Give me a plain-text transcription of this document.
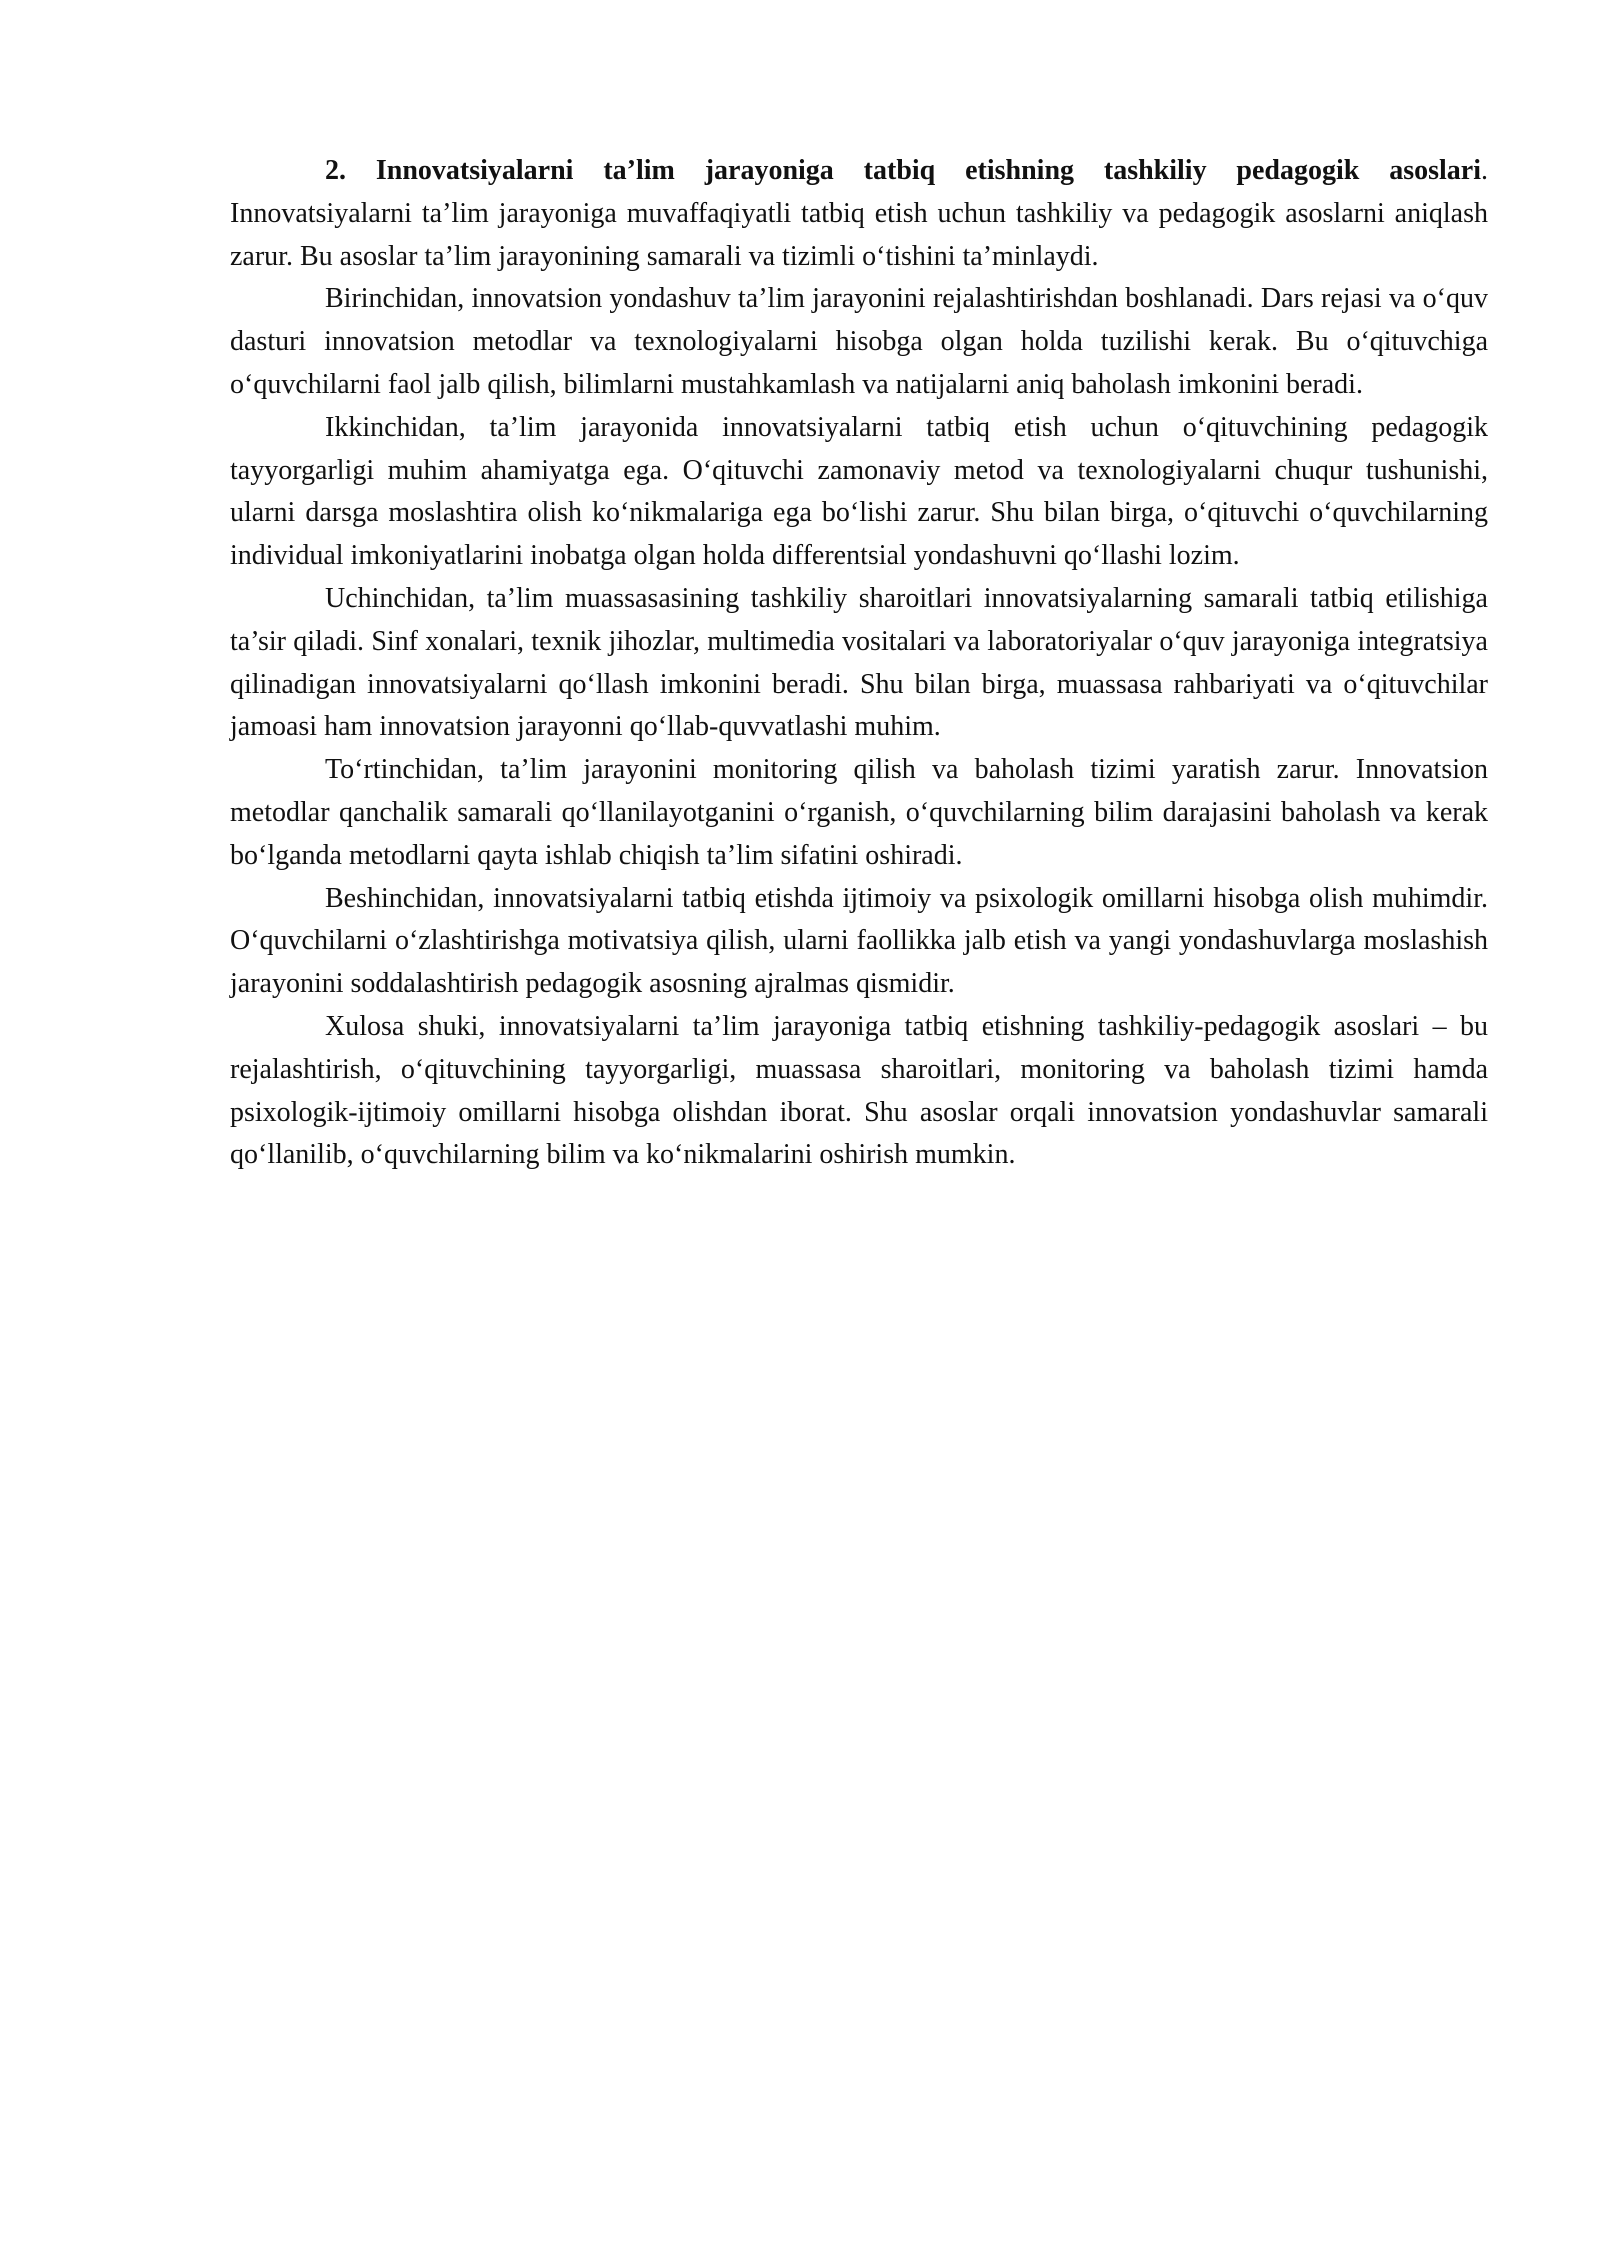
2. Innovatsiyalarni ta’lim jarayoniga tatbiq etishning tashkiliy pedagogik asoslari. Innovatsiyalarni ta’lim jarayoniga muvaffaqiyatli tatbiq etish uchun tashkiliy va pedagogik asoslarni aniqlash zarur. Bu asoslar ta’lim jarayonining samarali va tizimli o‘tishini ta’minlaydi.

Birinchidan, innovatsion yondashuv ta’lim jarayonini rejalashtirishdan boshlanadi. Dars rejasi va o‘quv dasturi innovatsion metodlar va texnologiyalarni hisobga olgan holda tuzilishi kerak. Bu o‘qituvchiga o‘quvchilarni faol jalb qilish, bilimlarni mustahkamlash va natijalarni aniq baholash imkonini beradi.

Ikkinchidan, ta’lim jarayonida innovatsiyalarni tatbiq etish uchun o‘qituvchining pedagogik tayyorgarligi muhim ahamiyatga ega. O‘qituvchi zamonaviy metod va texnologiyalarni chuqur tushunishi, ularni darsga moslashtira olish ko‘nikmalariga ega bo‘lishi zarur. Shu bilan birga, o‘qituvchi o‘quvchilarning individual imkoniyatlarini inobatga olgan holda differentsial yondashuvni qo‘llashi lozim.

Uchinchidan, ta’lim muassasasining tashkiliy sharoitlari innovatsiyalarning samarali tatbiq etilishiga ta’sir qiladi. Sinf xonalari, texnik jihozlar, multimedia vositalari va laboratoriyalar o‘quv jarayoniga integratsiya qilinadigan innovatsiyalarni qo‘llash imkonini beradi. Shu bilan birga, muassasa rahbariyati va o‘qituvchilar jamoasi ham innovatsion jarayonni qo‘llab-quvvatlashi muhim.

To‘rtinchidan, ta’lim jarayonini monitoring qilish va baholash tizimi yaratish zarur. Innovatsion metodlar qanchalik samarali qo‘llanilayotganini o‘rganish, o‘quvchilarning bilim darajasini baholash va kerak bo‘lganda metodlarni qayta ishlab chiqish ta’lim sifatini oshiradi.

Beshinchidan, innovatsiyalarni tatbiq etishda ijtimoiy va psixologik omillarni hisobga olish muhimdir. O‘quvchilarni o‘zlashtirishga motivatsiya qilish, ularni faollikka jalb etish va yangi yondashuvlarga moslashish jarayonini soddalashtirish pedagogik asosning ajralmas qismidir.

Xulosa shuki, innovatsiyalarni ta’lim jarayoniga tatbiq etishning tashkiliy-pedagogik asoslari – bu rejalashtirish, o‘qituvchining tayyorgarligi, muassasa sharoitlari, monitoring va baholash tizimi hamda psixologik-ijtimoiy omillarni hisobga olishdan iborat. Shu asoslar orqali innovatsion yondashuvlar samarali qo‘llanilib, o‘quvchilarning bilim va ko‘nikmalarini oshirish mumkin.
